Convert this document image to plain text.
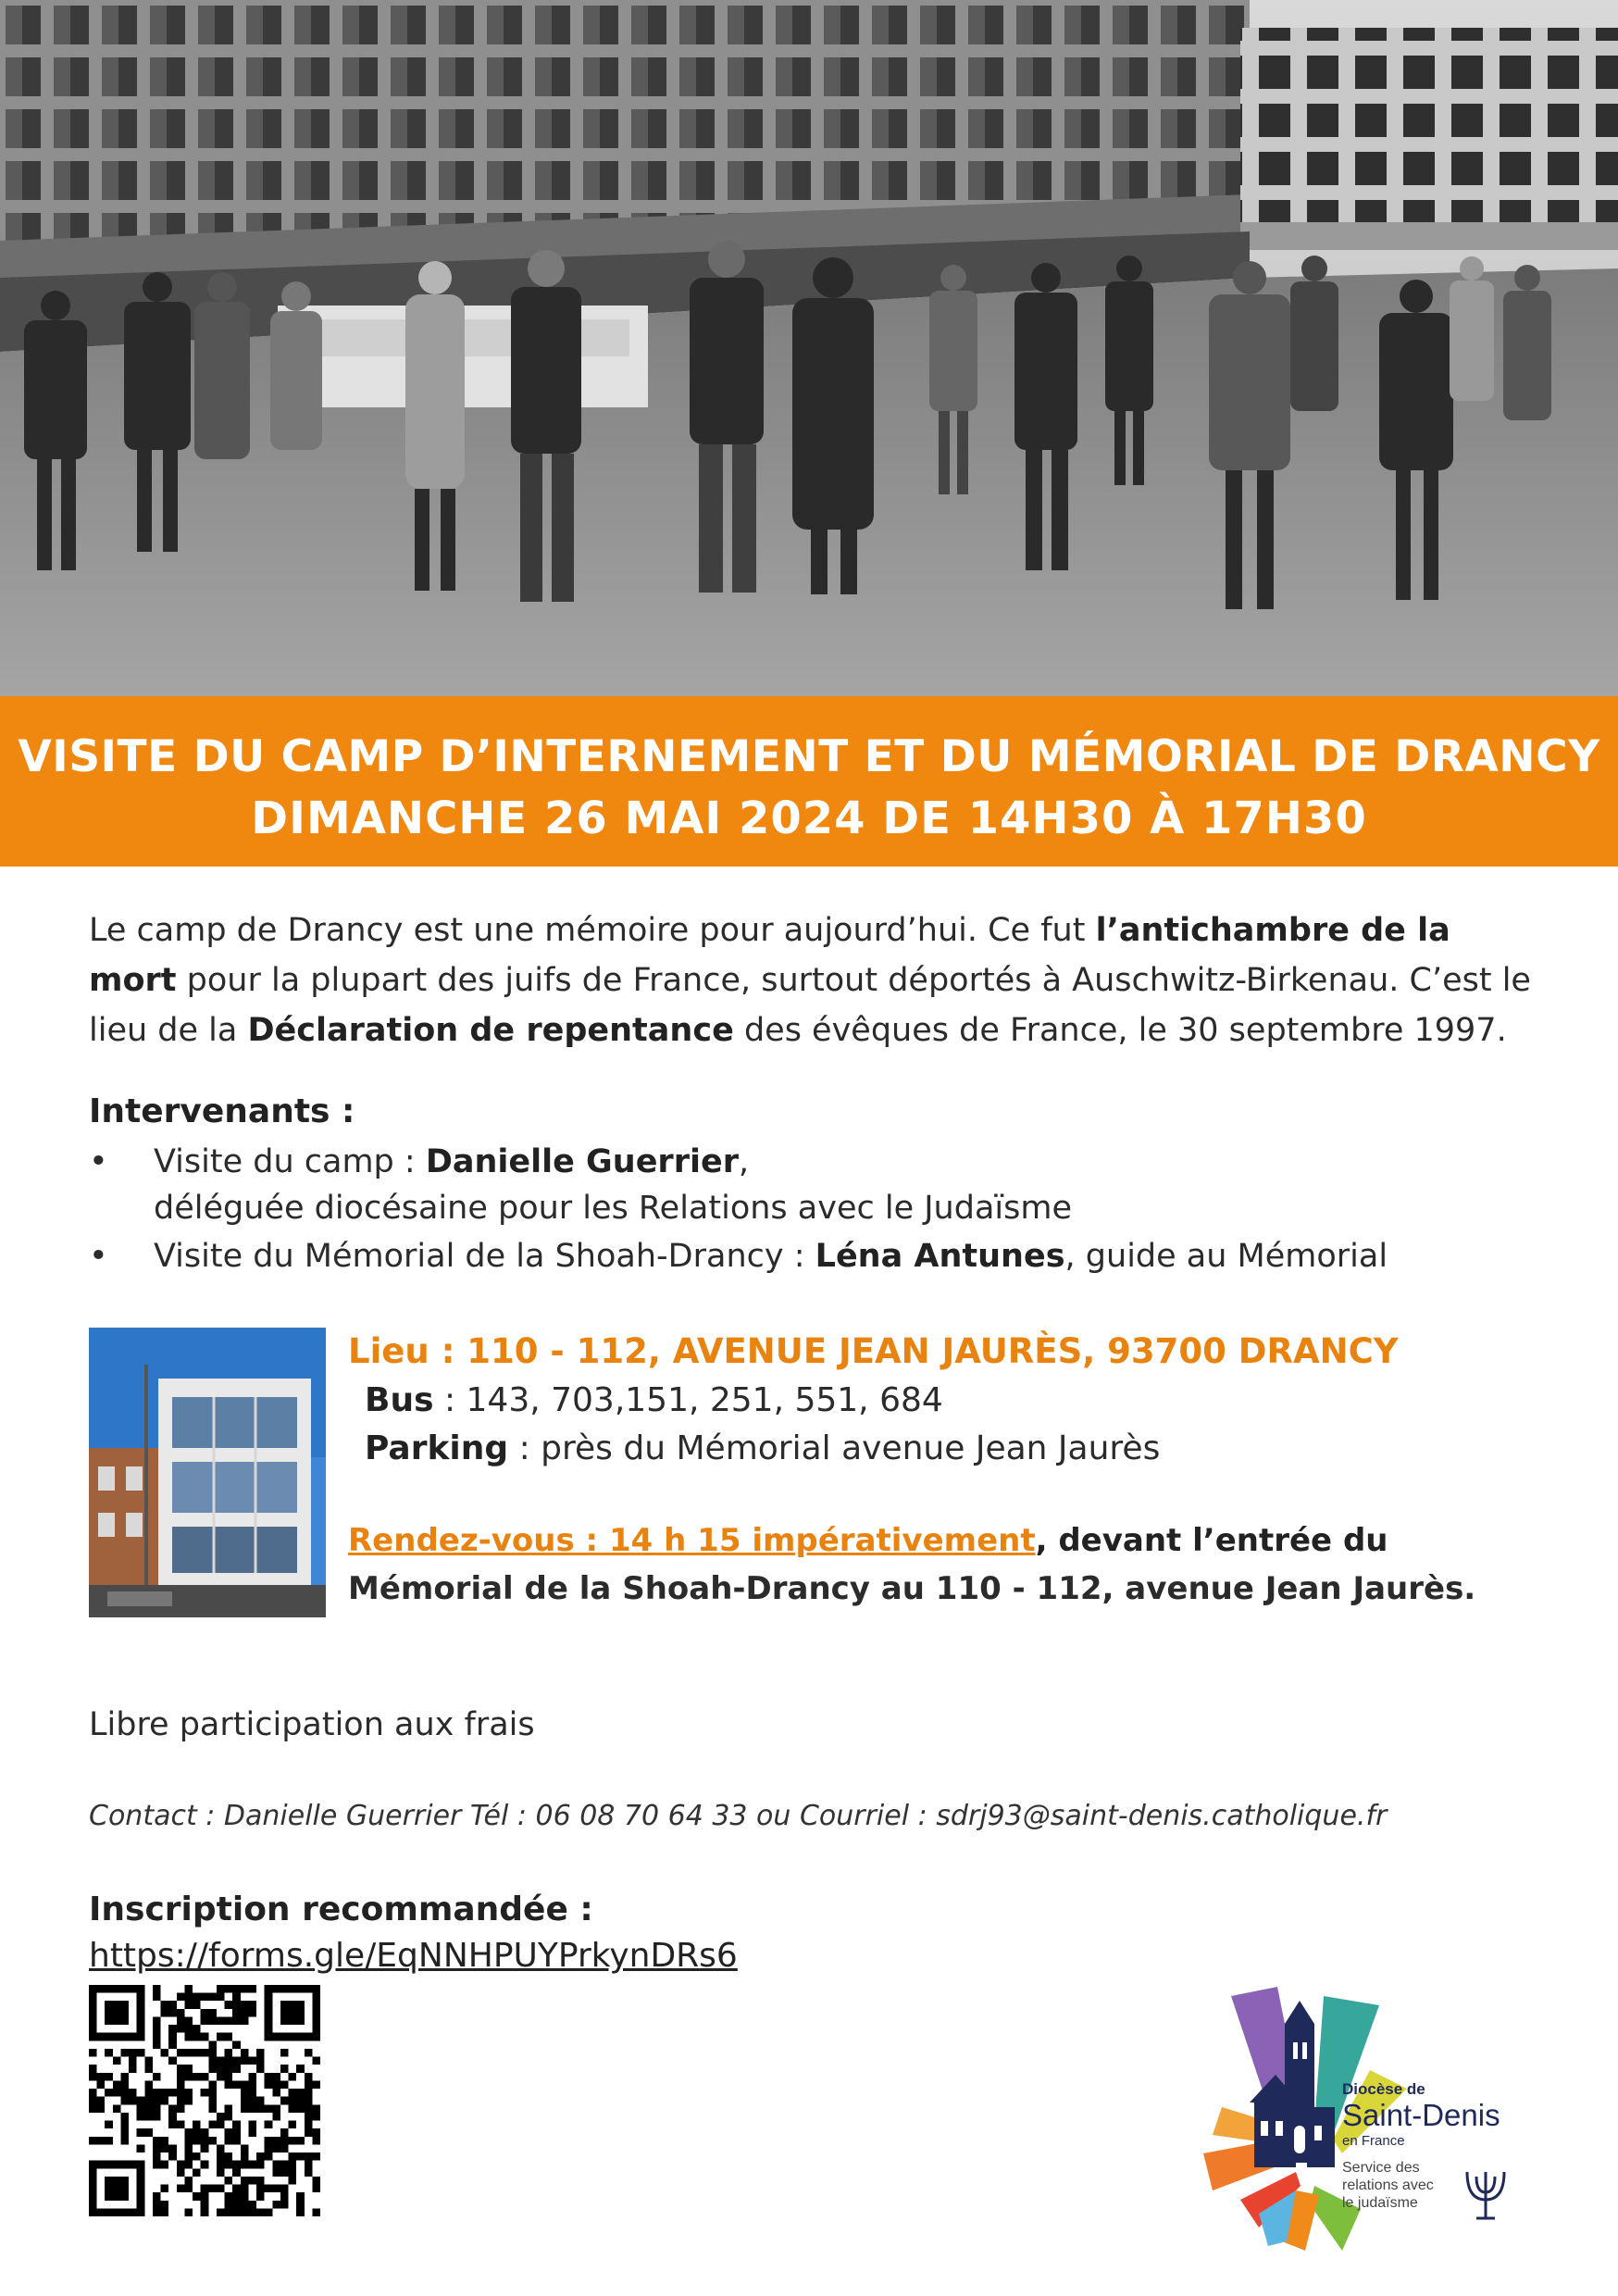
VISITE DU CAMP D’INTERNEMENT ET DU MÉMORIAL DE DRANCY
DIMANCHE 26 MAI 2024 DE 14H30 À 17H30
Le camp de Drancy est une mémoire pour aujourd’hui. Ce fut l’antichambre de la mort pour la plupart des juifs de France, surtout déportés à Auschwitz-Birkenau. C’est le lieu de la Déclaration de repentance des évêques de France, le 30 septembre 1997.
Intervenants :
• Visite du camp : Danielle Guerrier,
déléguée diocésaine pour les Relations avec le Judaïsme
• Visite du Mémorial de la Shoah-Drancy : Léna Antunes, guide au Mémorial
Lieu : 110 - 112, AVENUE JEAN JAURÈS, 93700 DRANCY
Bus : 143, 703,151, 251, 551, 684
Parking : près du Mémorial avenue Jean Jaurès
Rendez-vous : 14 h 15 impérativement, devant l’entrée du
Mémorial de la Shoah-Drancy au 110 - 112, avenue Jean Jaurès.
Libre participation aux frais
Contact : Danielle Guerrier Tél : 06 08 70 64 33 ou Courriel : sdrj93@saint-denis.catholique.fr
Inscription recommandée :
https://forms.gle/EqNNHPUYPrkynDRs6
Diocèse de
Saint-Denis
en France
Service des
relations avec
le judaïsme
